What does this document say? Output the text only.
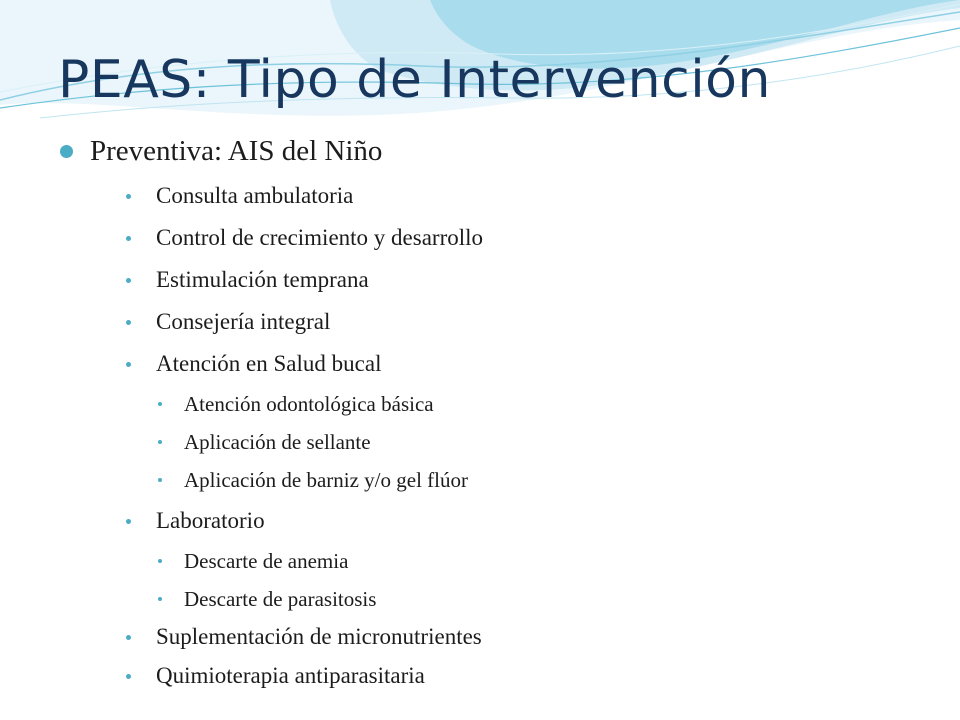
PEAS: Tipo de Intervención
Preventiva: AIS del Niño
Consulta ambulatoria
Control de crecimiento y desarrollo
Estimulación temprana
Consejería integral
Atención en Salud bucal
Atención odontológica básica
Aplicación de sellante
Aplicación de barniz y/o gel flúor
Laboratorio
Descarte de anemia
Descarte de parasitosis
Suplementación de micronutrientes
Quimioterapia antiparasitaria
